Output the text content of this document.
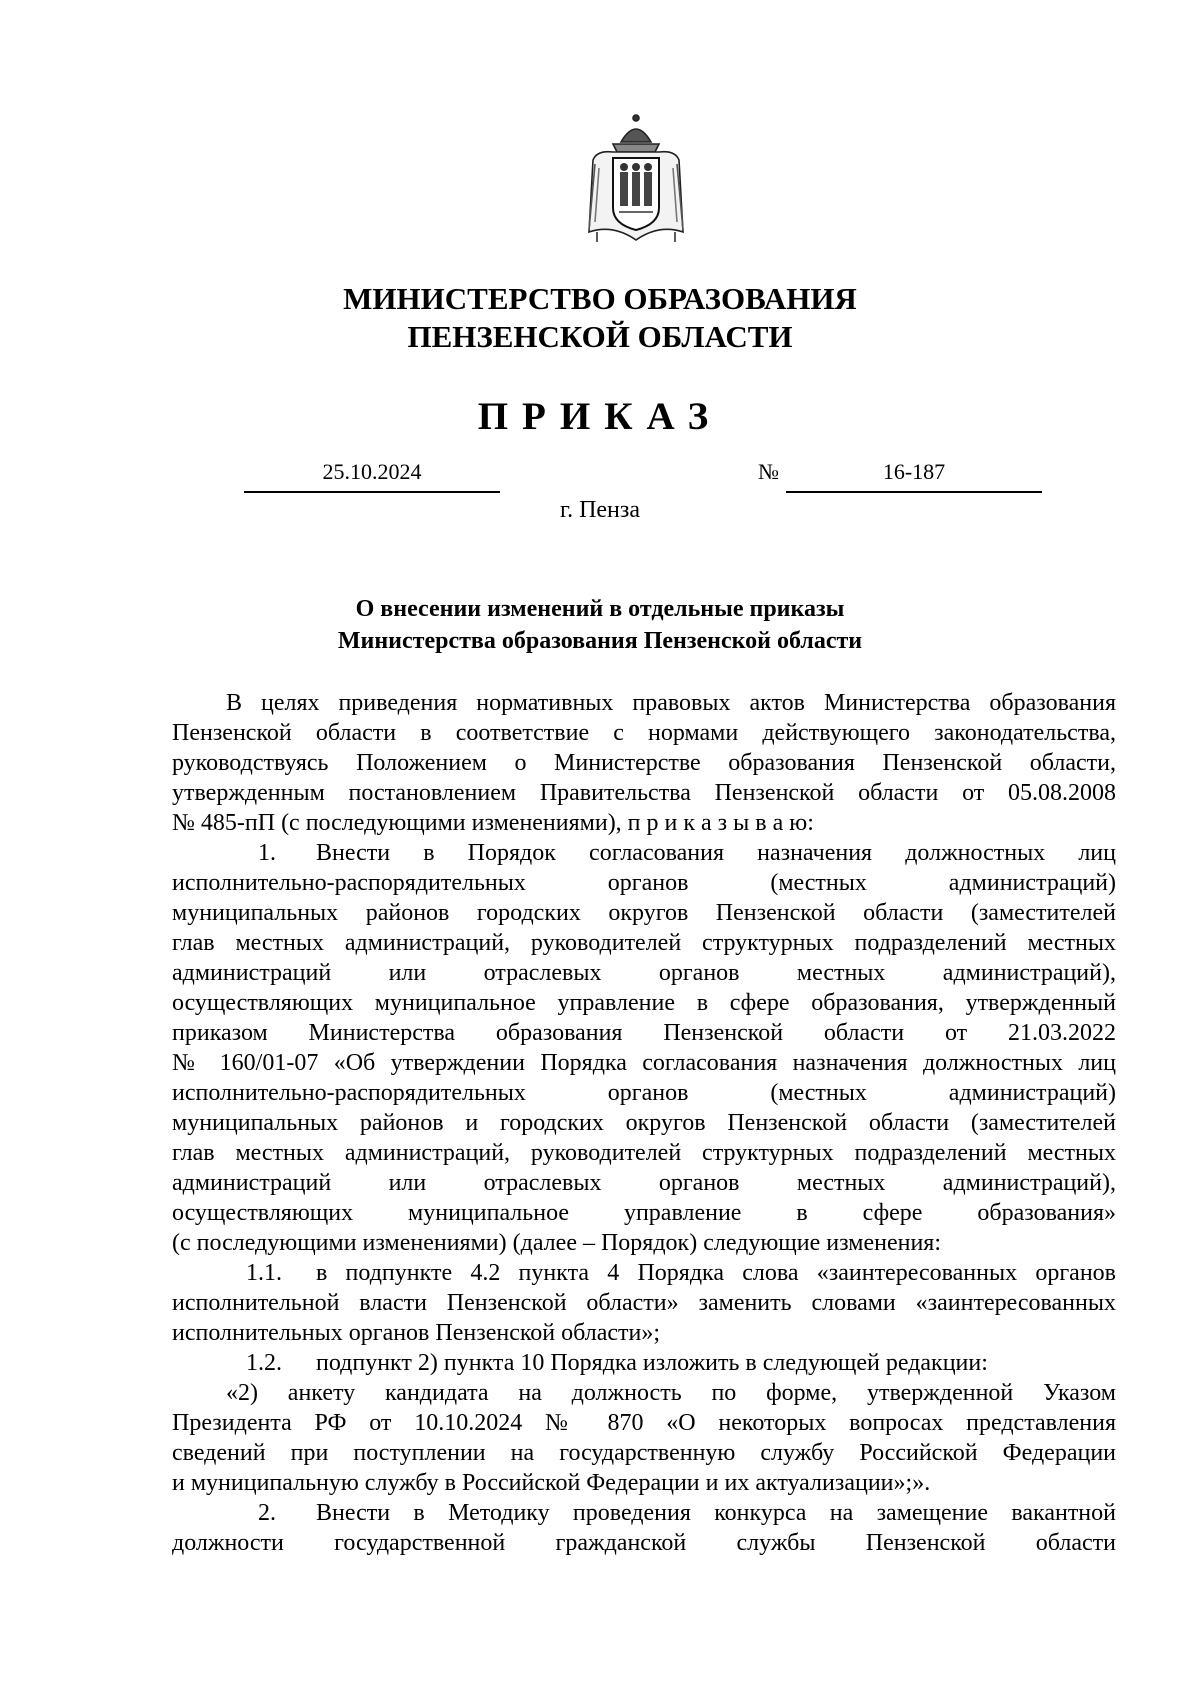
МИНИСТЕРСТВО ОБРАЗОВАНИЯ
ПЕНЗЕНСКОЙ ОБЛАСТИ
ПРИКАЗ
25.10.2024	№	16-187
г. Пенза
О внесении изменений в отдельные приказы
Министерства образования Пензенской области
В целях приведения нормативных правовых актов Министерства образования
Пензенской области в соответствие с нормами действующего законодательства,
руководствуясь Положением о Министерстве образования Пензенской области,
утвержденным постановлением Правительства Пензенской области от 05.08.2008
№ 485-пП (с последующими изменениями), п р и к а з ы в а ю:
1. Внести в Порядок согласования назначения должностных лиц
исполнительно-распорядительных органов (местных администраций)
муниципальных районов городских округов Пензенской области (заместителей
глав местных администраций, руководителей структурных подразделений местных
администраций или отраслевых органов местных администраций),
осуществляющих муниципальное управление в сфере образования, утвержденный
приказом Министерства образования Пензенской области от 21.03.2022
№ 160/01-07 «Об утверждении Порядка согласования назначения должностных лиц
исполнительно-распорядительных органов (местных администраций)
муниципальных районов и городских округов Пензенской области (заместителей
глав местных администраций, руководителей структурных подразделений местных
администраций или отраслевых органов местных администраций),
осуществляющих муниципальное управление в сфере образования»
(с последующими изменениями) (далее – Порядок) следующие изменения:
1.1. в подпункте 4.2 пункта 4 Порядка слова «заинтересованных органов
исполнительной власти Пензенской области» заменить словами «заинтересованных
исполнительных органов Пензенской области»;
1.2. подпункт 2) пункта 10 Порядка изложить в следующей редакции:
«2) анкету кандидата на должность по форме, утвержденной Указом
Президента РФ от 10.10.2024 № 870 «О некоторых вопросах представления
сведений при поступлении на государственную службу Российской Федерации
и муниципальную службу в Российской Федерации и их актуализации»;».
2. Внести в Методику проведения конкурса на замещение вакантной
должности государственной гражданской службы Пензенской области
